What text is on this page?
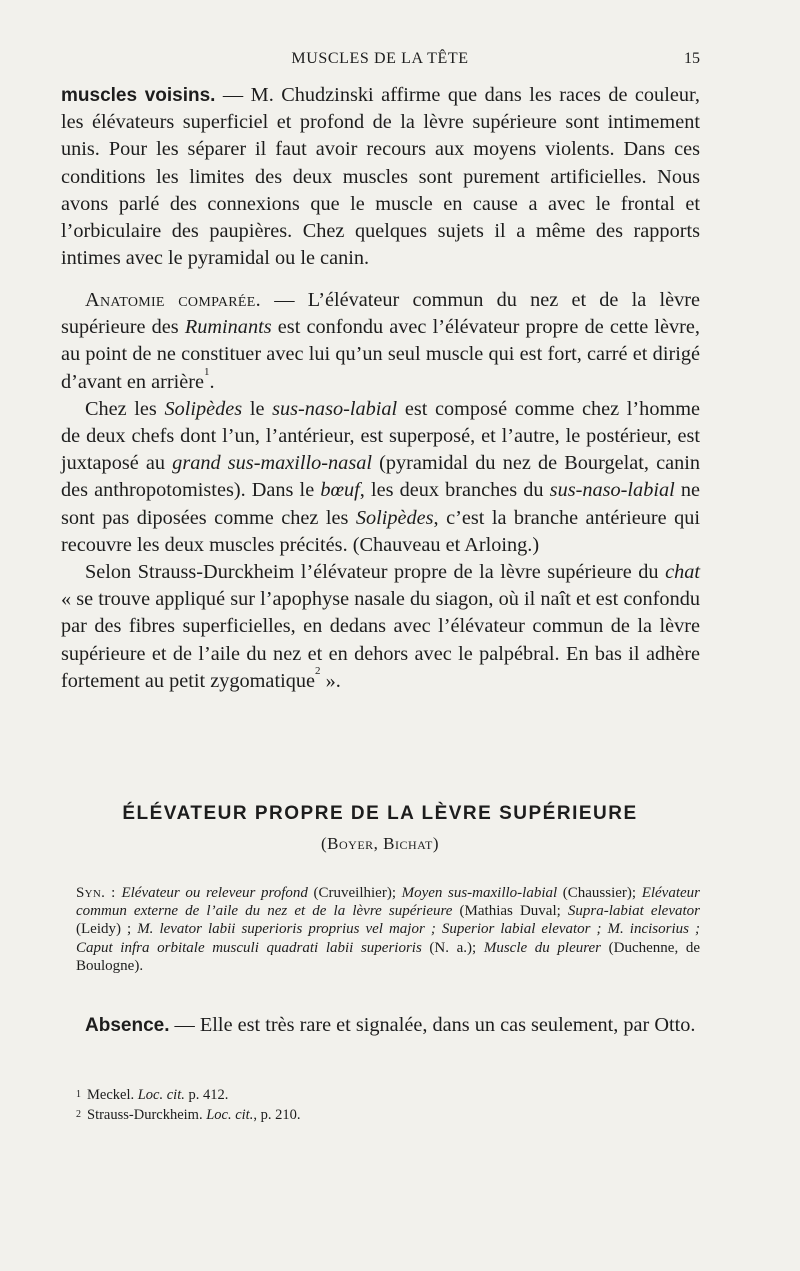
MUSCLES DE LA TÊTE	15

muscles voisins. — M. Chudzinski affirme que dans les races de couleur, les élévateurs superficiel et profond de la lèvre supérieure sont intimement unis. Pour les séparer il faut avoir recours aux moyens violents. Dans ces conditions les limites des deux muscles sont purement artificielles. Nous avons parlé des connexions que le muscle en cause a avec le frontal et l’orbiculaire des paupières. Chez quelques sujets il a même des rapports intimes avec le pyramidal ou le canin.

Anatomie comparée. — L’élévateur commun du nez et de la lèvre supérieure des Ruminants est confondu avec l’élévateur propre de cette lèvre, au point de ne constituer avec lui qu’un seul muscle qui est fort, carré et dirigé d’avant en arrière$^1$.

Chez les Solipèdes le sus-naso-labial est composé comme chez l’homme de deux chefs dont l’un, l’antérieur, est superposé, et l’autre, le postérieur, est juxtaposé au grand sus-maxillo-nasal (pyramidal du nez de Bourgelat, canin des anthropotomistes). Dans le bœuf, les deux branches du sus-naso-labial ne sont pas diposées comme chez les Solipèdes, c’est la branche antérieure qui recouvre les deux muscles précités. (Chauveau et Arloing.)

Selon Strauss-Durckheim l’élévateur propre de la lèvre supérieure du chat « se trouve appliqué sur l’apophyse nasale du siagon, où il naît et est confondu par des fibres superficielles, en dedans avec l’élévateur commun de la lèvre supérieure et de l’aile du nez et en dehors avec le palpébral. En bas il adhère fortement au petit zygomatique$^2$ ».

ÉLÉVATEUR PROPRE DE LA LÈVRE SUPÉRIEURE
(Boyer, Bichat)
Syn. : Elévateur ou releveur profond (Cruveilhier); Moyen sus-maxillo-labial (Chaussier); Elévateur commun externe de l’aile du nez et de la lèvre supérieure (Mathias Duval; Supra-labiat elevator (Leidy) ; M. levator labii superioris proprius vel major ; Superior labial elevator ; M. incisorius ; Caput infra orbitale musculi quadrati labii superioris (N. a.); Muscle du pleurer (Duchenne, de Boulogne).

Absence. — Elle est très rare et signalée, dans un cas seulement, par Otto.

$^1$ Meckel. Loc. cit. p. 412.
$^2$ Strauss-Durckheim. Loc. cit., p. 210.
